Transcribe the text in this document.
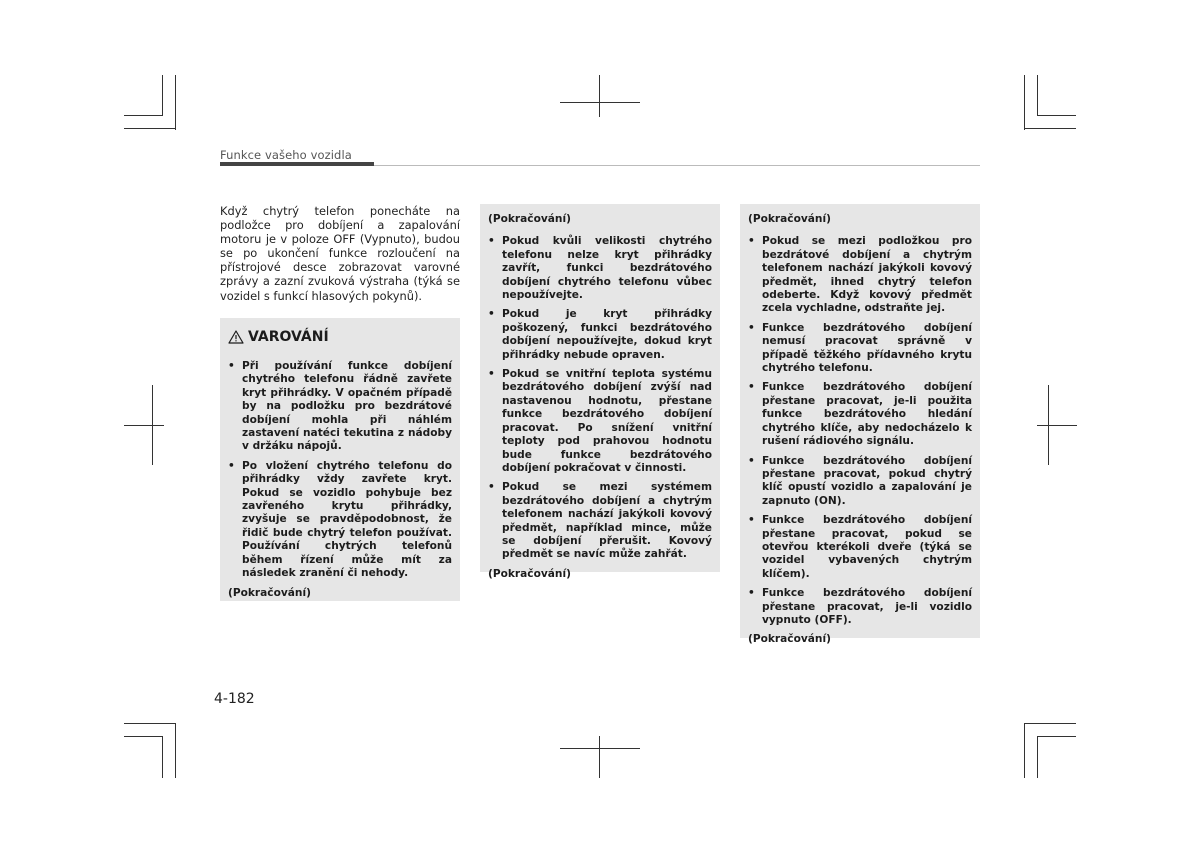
Funkce vašeho vozidla
Když chytrý telefon ponecháte na podložce pro dobíjení a zapalování motoru je v poloze OFF (Vypnuto), budou se po ukončení funkce rozloučení na přístrojové desce zobrazovat varovné zprávy a zazní zvuková výstraha (týká se vozidel s funkcí hlasových pokynů).
VAROVÁNÍ
• Při používání funkce dobíjení chytrého telefonu řádně zavřete kryt přihrádky. V opačném případě by na podložku pro bezdrátové dobíjení mohla při náhlém zastavení natéci tekutina z nádoby v držáku nápojů.
• Po vložení chytrého telefonu do přihrádky vždy zavřete kryt. Pokud se vozidlo pohybuje bez zavřeného krytu přihrádky, zvyšuje se pravděpodobnost, že řidič bude chytrý telefon používat. Používání chytrých telefonů během řízení může mít za následek zranění či nehody.
(Pokračování)
(Pokračování)
• Pokud kvůli velikosti chytrého telefonu nelze kryt přihrádky zavřít, funkci bezdrátového dobíjení chytrého telefonu vůbec nepoužívejte.
• Pokud je kryt přihrádky poškozený, funkci bezdrátového dobíjení nepoužívejte, dokud kryt přihrádky nebude opraven.
• Pokud se vnitřní teplota systému bezdrátového dobíjení zvýší nad nastavenou hodnotu, přestane funkce bezdrátového dobíjení pracovat. Po snížení vnitřní teploty pod prahovou hodnotu bude funkce bezdrátového dobíjení pokračovat v činnosti.
• Pokud se mezi systémem bezdrátového dobíjení a chytrým telefonem nachází jakýkoli kovový předmět, například mince, může se dobíjení přerušit. Kovový předmět se navíc může zahřát.
(Pokračování)
(Pokračování)
• Pokud se mezi podložkou pro bezdrátové dobíjení a chytrým telefonem nachází jakýkoli kovový předmět, ihned chytrý telefon odeberte. Když kovový předmět zcela vychladne, odstraňte jej.
• Funkce bezdrátového dobíjení nemusí pracovat správně v případě těžkého přídavného krytu chytrého telefonu.
• Funkce bezdrátového dobíjení přestane pracovat, je-li použita funkce bezdrátového hledání chytrého klíče, aby nedocházelo k rušení rádiového signálu.
• Funkce bezdrátového dobíjení přestane pracovat, pokud chytrý klíč opustí vozidlo a zapalování je zapnuto (ON).
• Funkce bezdrátového dobíjení přestane pracovat, pokud se otevřou kterékoli dveře (týká se vozidel vybavených chytrým klíčem).
• Funkce bezdrátového dobíjení přestane pracovat, je-li vozidlo vypnuto (OFF).
(Pokračování)
4-182
